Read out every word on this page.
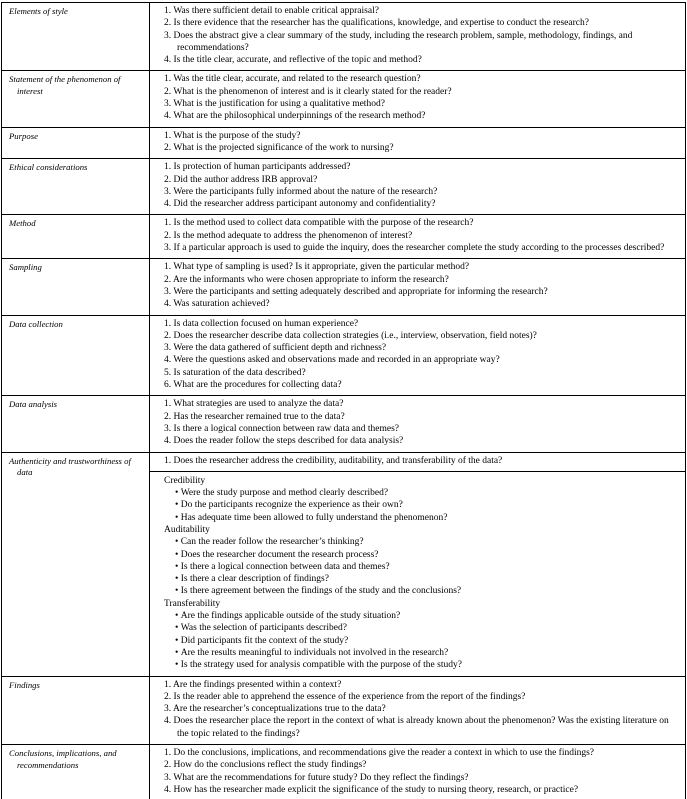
Elements of style	1. Was there sufficient detail to enable critical appraisal?
2. Is there evidence that the researcher has the qualifications, knowledge, and expertise to conduct the research?
3. Does the abstract give a clear summary of the study, including the research problem, sample, methodology, findings, and recommendations?
4. Is the title clear, accurate, and reflective of the topic and method?
Statement of the phenomenon of interest
1. Was the title clear, accurate, and related to the research question?
2. What is the phenomenon of interest and is it clearly stated for the reader?
3. What is the justification for using a qualitative method?
4. What are the philosophical underpinnings of the research method?
Purpose	1. What is the purpose of the study?
2. What is the projected significance of the work to nursing?
Ethical considerations	1. Is protection of human participants addressed?
2. Did the author address IRB approval?
3. Were the participants fully informed about the nature of the research?
4. Did the researcher address participant autonomy and confidentiality?
Method	1. Is the method used to collect data compatible with the purpose of the research?
2. Is the method adequate to address the phenomenon of interest?
3. If a particular approach is used to guide the inquiry, does the researcher complete the study according to the processes described?
Sampling	1. What type of sampling is used? Is it appropriate, given the particular method?
2. Are the informants who were chosen appropriate to inform the research?
3. Were the participants and setting adequately described and appropriate for informing the research?
4. Was saturation achieved?
Data collection	1. Is data collection focused on human experience?
2. Does the researcher describe data collection strategies (i.e., interview, observation, field notes)?
3. Were the data gathered of sufficient depth and richness?
4. Were the questions asked and observations made and recorded in an appropriate way?
5. Is saturation of the data described?
6. What are the procedures for collecting data?
Data analysis	1. What strategies are used to analyze the data?
2. Has the researcher remained true to the data?
3. Is there a logical connection between raw data and themes?
4. Does the reader follow the steps described for data analysis?
Authenticity and trustworthiness of data
1. Does the researcher address the credibility, auditability, and transferability of the data?
Credibility
• Were the study purpose and method clearly described?
• Do the participants recognize the experience as their own?
• Has adequate time been allowed to fully understand the phenomenon?
Auditability
• Can the reader follow the researcher’s thinking?
• Does the researcher document the research process?
• Is there a logical connection between data and themes?
• Is there a clear description of findings?
• Is there agreement between the findings of the study and the conclusions?
Transferability
• Are the findings applicable outside of the study situation?
• Was the selection of participants described?
• Did participants fit the context of the study?
• Are the results meaningful to individuals not involved in the research?
• Is the strategy used for analysis compatible with the purpose of the study?
Findings	1. Are the findings presented within a context?
2. Is the reader able to apprehend the essence of the experience from the report of the findings?
3. Are the researcher’s conceptualizations true to the data?
4. Does the researcher place the report in the context of what is already known about the phenomenon? Was the existing literature on the topic related to the findings?
Conclusions, implications, and recommendations
1. Do the conclusions, implications, and recommendations give the reader a context in which to use the findings?
2. How do the conclusions reflect the study findings?
3. What are the recommendations for future study? Do they reflect the findings?
4. How has the researcher made explicit the significance of the study to nursing theory, research, or practice?
